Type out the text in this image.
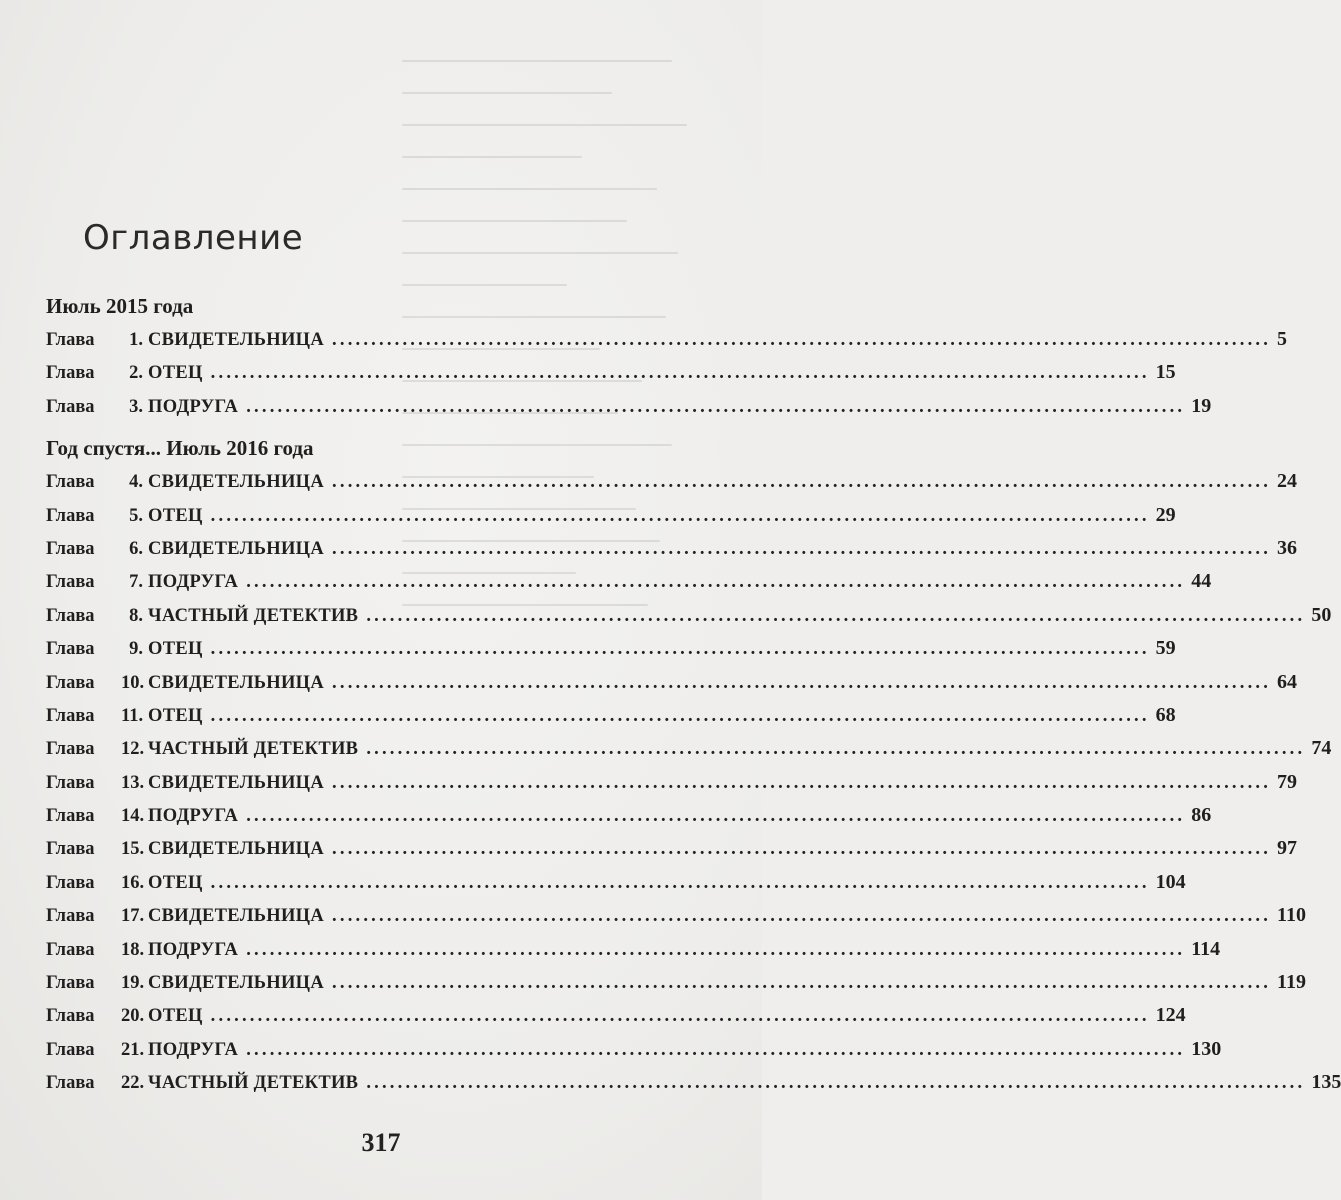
Оглавление
Июль 2015 года
Глава	1. СВИДЕТЕЛЬНИЦА ........................................................................................................................ 5
Глава	2. ОТЕЦ ........................................................................................................................ 15
Глава	3. ПОДРУГА ........................................................................................................................ 19
Год спустя... Июль 2016 года
Глава	4. СВИДЕТЕЛЬНИЦА ........................................................................................................................ 24
Глава	5. ОТЕЦ ........................................................................................................................ 29
Глава	6. СВИДЕТЕЛЬНИЦА ........................................................................................................................ 36
Глава	7. ПОДРУГА ........................................................................................................................ 44
Глава	8. ЧАСТНЫЙ ДЕТЕКТИВ ........................................................................................................................ 50
Глава	9. ОТЕЦ ........................................................................................................................ 59
Глава	10. СВИДЕТЕЛЬНИЦА ........................................................................................................................ 64
Глава	11. ОТЕЦ ........................................................................................................................ 68
Глава	12. ЧАСТНЫЙ ДЕТЕКТИВ ........................................................................................................................ 74
Глава	13. СВИДЕТЕЛЬНИЦА ........................................................................................................................ 79
Глава	14. ПОДРУГА ........................................................................................................................ 86
Глава	15. СВИДЕТЕЛЬНИЦА ........................................................................................................................ 97
Глава	16. ОТЕЦ ........................................................................................................................ 104
Глава	17. СВИДЕТЕЛЬНИЦА ........................................................................................................................ 110
Глава	18. ПОДРУГА ........................................................................................................................ 114
Глава	19. СВИДЕТЕЛЬНИЦА ........................................................................................................................ 119
Глава	20. ОТЕЦ ........................................................................................................................ 124
Глава	21. ПОДРУГА ........................................................................................................................ 130
Глава	22. ЧАСТНЫЙ ДЕТЕКТИВ ........................................................................................................................ 135
317
